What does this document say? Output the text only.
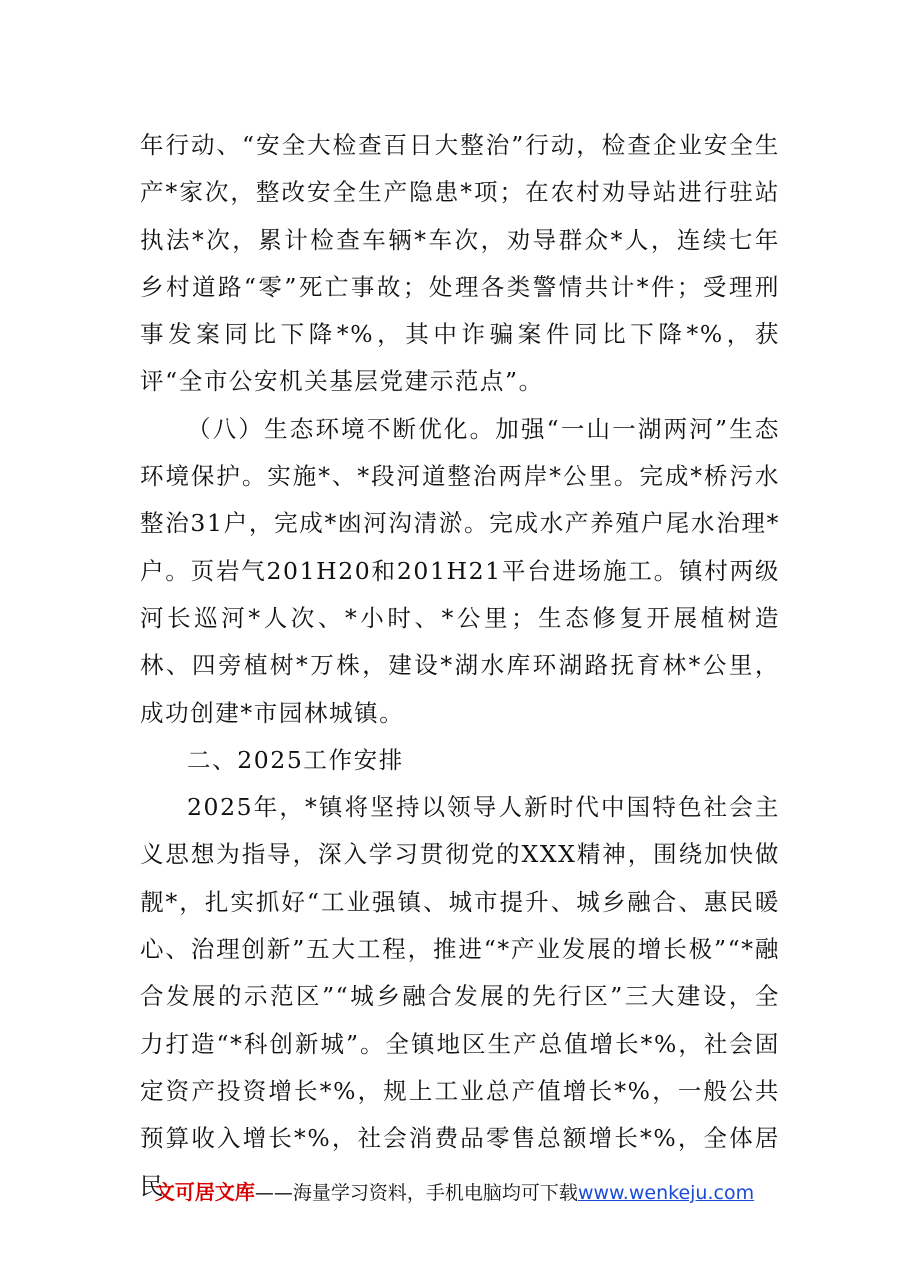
年行动、“安全大检查百日大整治”行动，检查企业安全生产*家次，整改安全生产隐患*项；在农村劝导站进行驻站执法*次，累计检查车辆*车次，劝导群众*人，连续七年乡村道路“零”死亡事故；处理各类警情共计*件；受理刑事发案同比下降*%，其中诈骗案件同比下降*%，获评“全市公安机关基层党建示范点”。

（八）生态环境不断优化。加强“一山一湖两河”生态环境保护。实施*、*段河道整治两岸*公里。完成*桥污水整治31户，完成*凼河沟清淤。完成水产养殖户尾水治理*户。页岩气201H20和201H21平台进场施工。镇村两级河长巡河*人次、*小时、*公里；生态修复开展植树造林、四旁植树*万株，建设*湖水库环湖路抚育林*公里，成功创建*市园林城镇。

二、2025工作安排

2025年，*镇将坚持以领导人新时代中国特色社会主义思想为指导，深入学习贯彻党的XXX精神，围绕加快做靓*，扎实抓好“工业强镇、城市提升、城乡融合、惠民暖心、治理创新”五大工程，推进“*产业发展的增长极”“*融合发展的示范区”“城乡融合发展的先行区”三大建设，全力打造“*科创新城”。全镇地区生产总值增长*%，社会固定资产投资增长*%，规上工业总产值增长*%，一般公共预算收入增长*%，社会消费品零售总额增长*%，全体居民

文可居文库——海量学习资料，手机电脑均可下载www.wenkeju.com
